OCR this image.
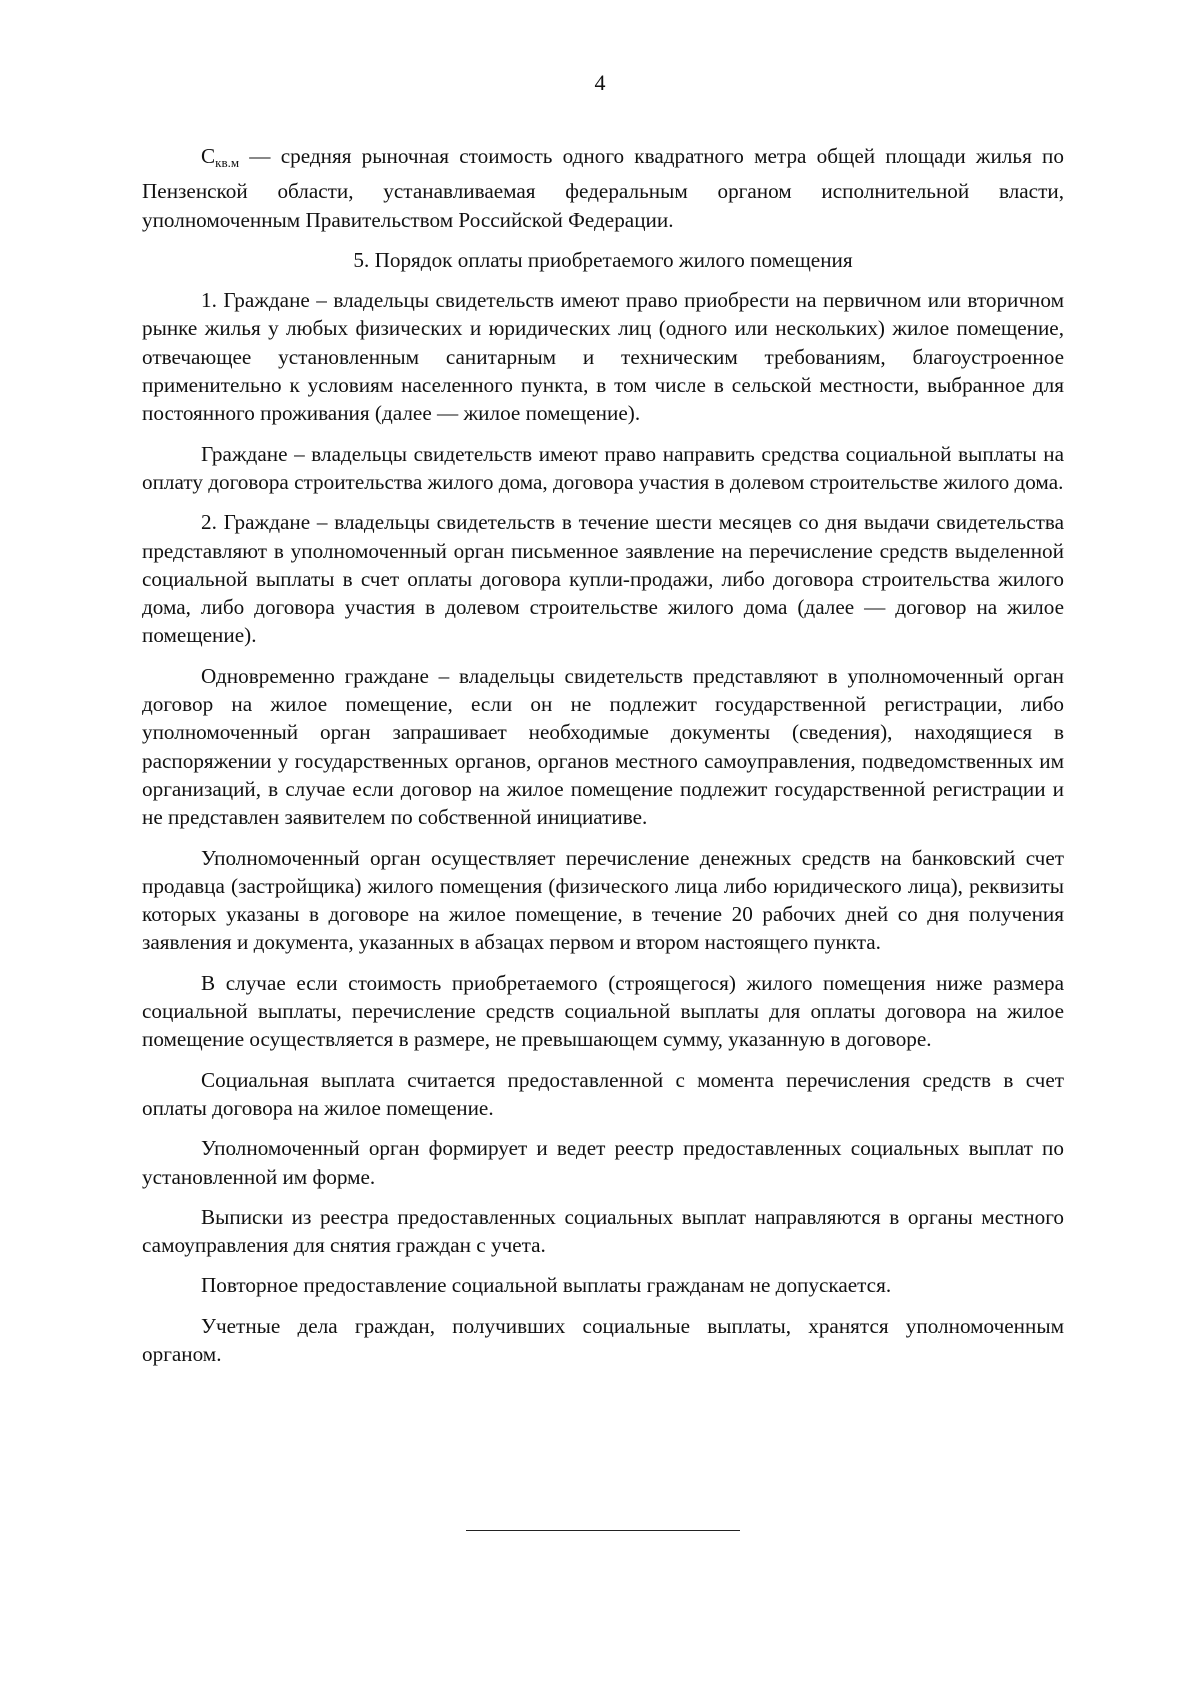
4

$С_{кв.м}$ — средняя рыночная стоимость одного квадратного метра общей площади жилья по Пензенской области, устанавливаемая федеральным органом исполнительной власти, уполномоченным Правительством Российской Федерации.

5. Порядок оплаты приобретаемого жилого помещения

1. Граждане – владельцы свидетельств имеют право приобрести на первичном или вторичном рынке жилья у любых физических и юридических лиц (одного или нескольких) жилое помещение, отвечающее установленным санитарным и техническим требованиям, благоустроенное применительно к условиям населенного пункта, в том числе в сельской местности, выбранное для постоянного проживания (далее — жилое помещение).

Граждане – владельцы свидетельств имеют право направить средства социальной выплаты на оплату договора строительства жилого дома, договора участия в долевом строительстве жилого дома.

2. Граждане – владельцы свидетельств в течение шести месяцев со дня выдачи свидетельства представляют в уполномоченный орган письменное заявление на перечисление средств выделенной социальной выплаты в счет оплаты договора купли-продажи, либо договора строительства жилого дома, либо договора участия в долевом строительстве жилого дома (далее — договор на жилое помещение).

Одновременно граждане – владельцы свидетельств представляют в уполномоченный орган договор на жилое помещение, если он не подлежит государственной регистрации, либо уполномоченный орган запрашивает необходимые документы (сведения), находящиеся в распоряжении у государственных органов, органов местного самоуправления, подведомственных им организаций, в случае если договор на жилое помещение подлежит государственной регистрации и не представлен заявителем по собственной инициативе.

Уполномоченный орган осуществляет перечисление денежных средств на банковский счет продавца (застройщика) жилого помещения (физического лица либо юридического лица), реквизиты которых указаны в договоре на жилое помещение, в течение 20 рабочих дней со дня получения заявления и документа, указанных в абзацах первом и втором настоящего пункта.

В случае если стоимость приобретаемого (строящегося) жилого помещения ниже размера социальной выплаты, перечисление средств социальной выплаты для оплаты договора на жилое помещение осуществляется в размере, не превышающем сумму, указанную в договоре.

Социальная выплата считается предоставленной с момента перечисления средств в счет оплаты договора на жилое помещение.

Уполномоченный орган формирует и ведет реестр предоставленных социальных выплат по установленной им форме.

Выписки из реестра предоставленных социальных выплат направляются в органы местного самоуправления для снятия граждан с учета.

Повторное предоставление социальной выплаты гражданам не допускается.

Учетные дела граждан, получивших социальные выплаты, хранятся уполномоченным органом.
